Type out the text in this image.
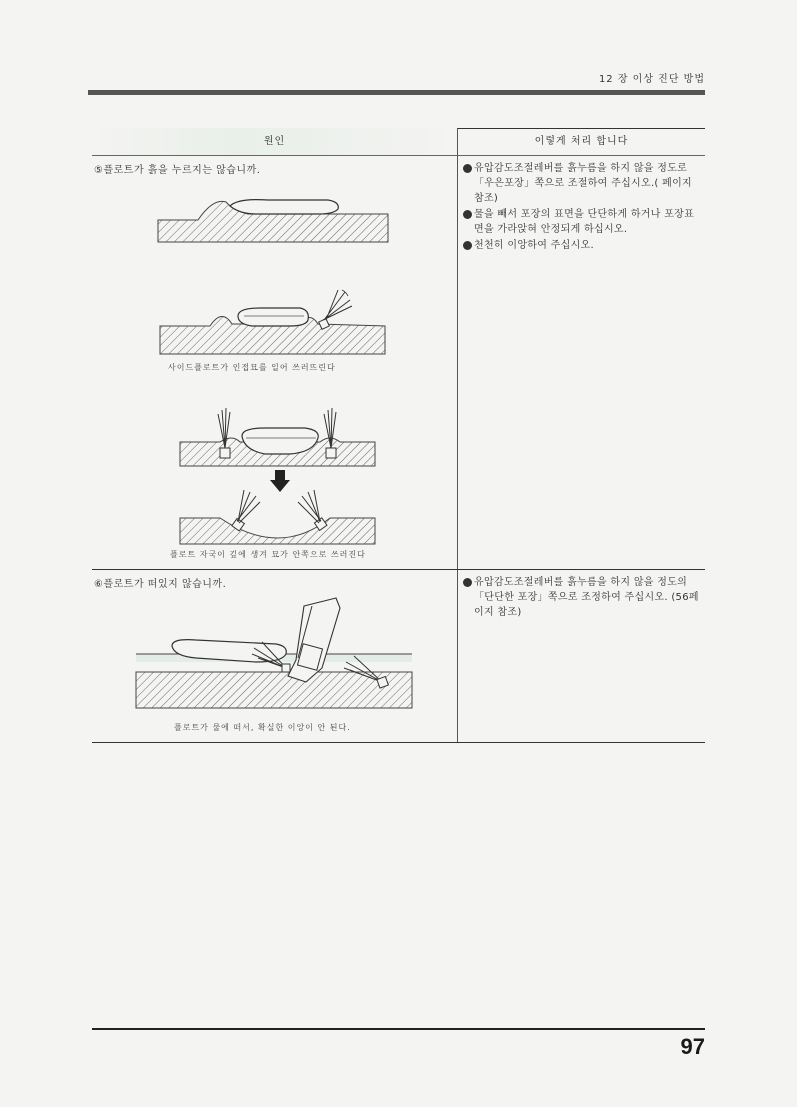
12 장 이상 진단 방법
원인	이렇게 처리 합니다
⑤플로트가 흙을 누르지는 않습니까.
사이드플로트가 인접묘를 일어 쓰러뜨린다
플로트 자국이 깊에 생겨 묘가 안쪽으로 쓰러진다
유압감도조절레버를 흙누름을 하지 않을 정도로「우은포장」쪽으로 조절하여 주십시오.( 페이지 참조)
물을 빼서 포장의 표면을 단단하게 하거나 포장표면을 가라앉혀 안정되게 하십시오.
천천히 이앙하여 주십시오.
⑥플로트가 떠있지 않습니까.
플로트가 물에 떠서, 확실한 이앙이 안 된다.
유압감도조절레버를 흙누름을 하지 않을 정도의「단단한 포장」쪽으로 조정하여 주십시오. (56페이지 참조)
97
